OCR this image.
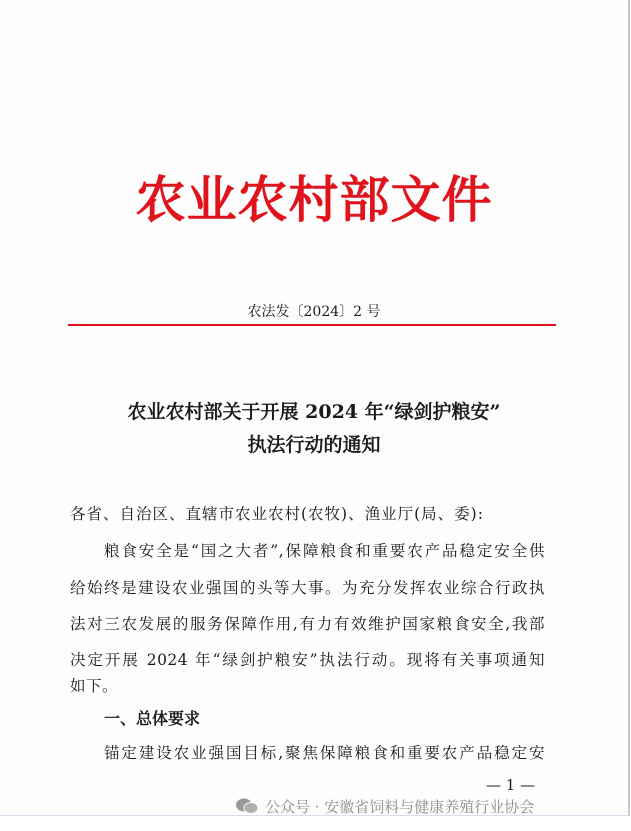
农业农村部文件
农法发〔2024〕2 号
农业农村部关于开展 2024 年“绿剑护粮安”
执法行动的通知
各省、自治区、直辖市农业农村(农牧)、渔业厅(局、委):
粮食安全是“国之大者”,保障粮食和重要农产品稳定安全供
给始终是建设农业强国的头等大事。为充分发挥农业综合行政执
法对三农发展的服务保障作用,有力有效维护国家粮食安全,我部
决定开展 2024 年“绿剑护粮安”执法行动。现将有关事项通知
如下。
一、总体要求
锚定建设农业强国目标,聚焦保障粮食和重要农产品稳定安
— 1 —
公众号 · 安徽省饲料与健康养殖行业协会
